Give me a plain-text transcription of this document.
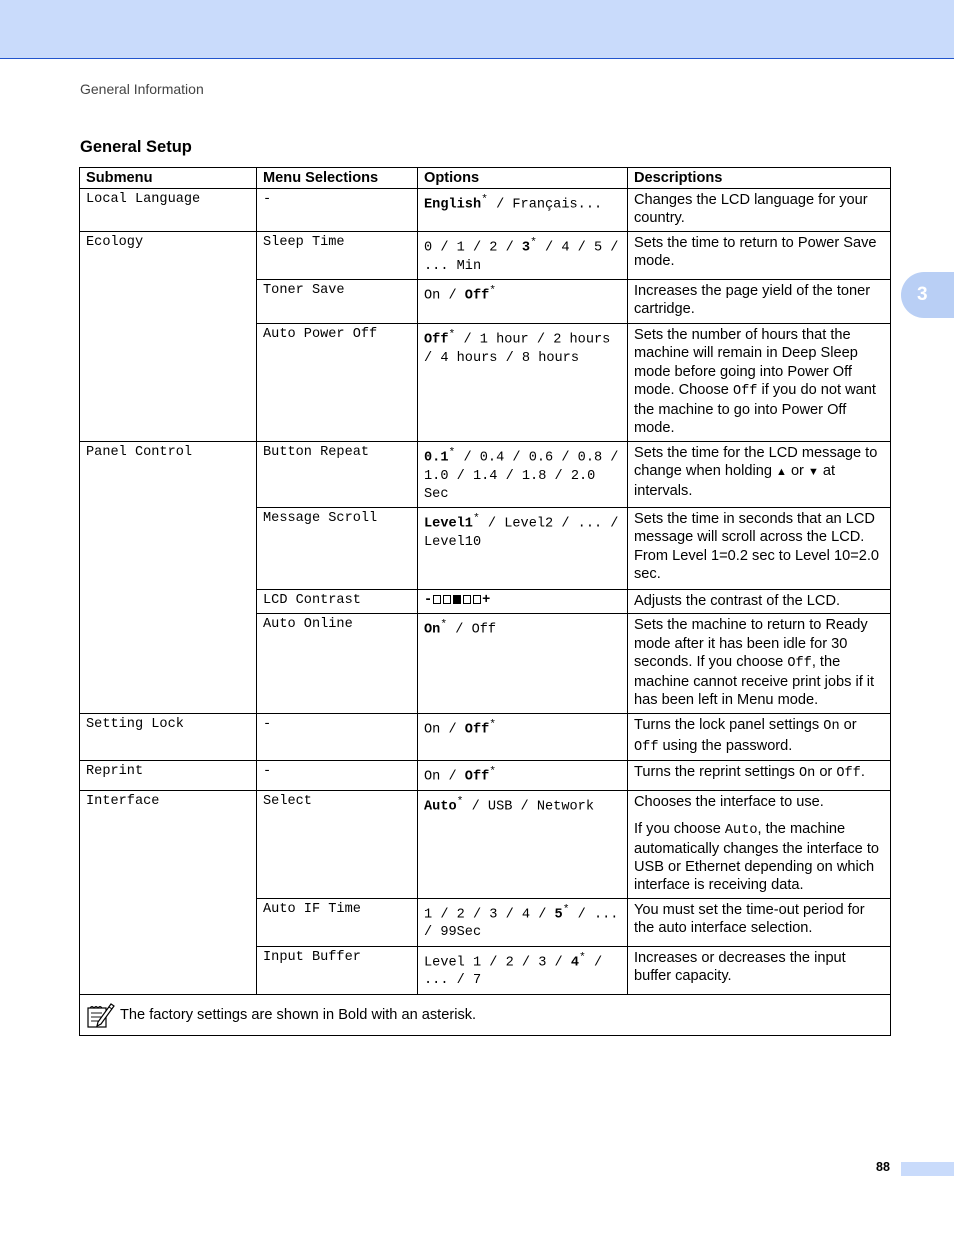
General Information
General Setup
3
Submenu	Menu Selections	Options	Descriptions
Local Language	-	English* / Français...	Changes the LCD language for your country.
Ecology	Sleep Time	0 / 1 / 2 / 3* / 4 / 5 / ... Min	Sets the time to return to Power Save mode.
	Toner Save	On / Off*	Increases the page yield of the toner cartridge.
	Auto Power Off	Off* / 1 hour / 2 hours / 4 hours / 8 hours	Sets the number of hours that the machine will remain in Deep Sleep mode before going into Power Off mode. Choose Off if you do not want the machine to go into Power Off mode.
Panel Control	Button Repeat	0.1* / 0.4 / 0.6 / 0.8 / 1.0 / 1.4 / 1.8 / 2.0 Sec	Sets the time for the LCD message to change when holding ▲ or ▼ at intervals.
	Message Scroll	Level1* / Level2 / ... / Level10	Sets the time in seconds that an LCD message will scroll across the LCD. From Level 1=0.2 sec to Level 10=2.0 sec.
	LCD Contrast	- +	Adjusts the contrast of the LCD.
	Auto Online	On* / Off	Sets the machine to return to Ready mode after it has been idle for 30 seconds. If you choose Off, the machine cannot receive print jobs if it has been left in Menu mode.
Setting Lock	-	On / Off*	Turns the lock panel settings On or Off using the password.
Reprint	-	On / Off*	Turns the reprint settings On or Off.
Interface	Select	Auto* / USB / Network	Chooses the interface to use.

If you choose Auto, the machine automatically changes the interface to USB or Ethernet depending on which interface is receiving data.

	Auto IF Time	1 / 2 / 3 / 4 / 5* / ... / 99Sec	You must set the time-out period for the auto interface selection.
	Input Buffer	Level 1 / 2 / 3 / 4* / ... / 7	Increases or decreases the input buffer capacity.
The factory settings are shown in Bold with an asterisk.			
88
